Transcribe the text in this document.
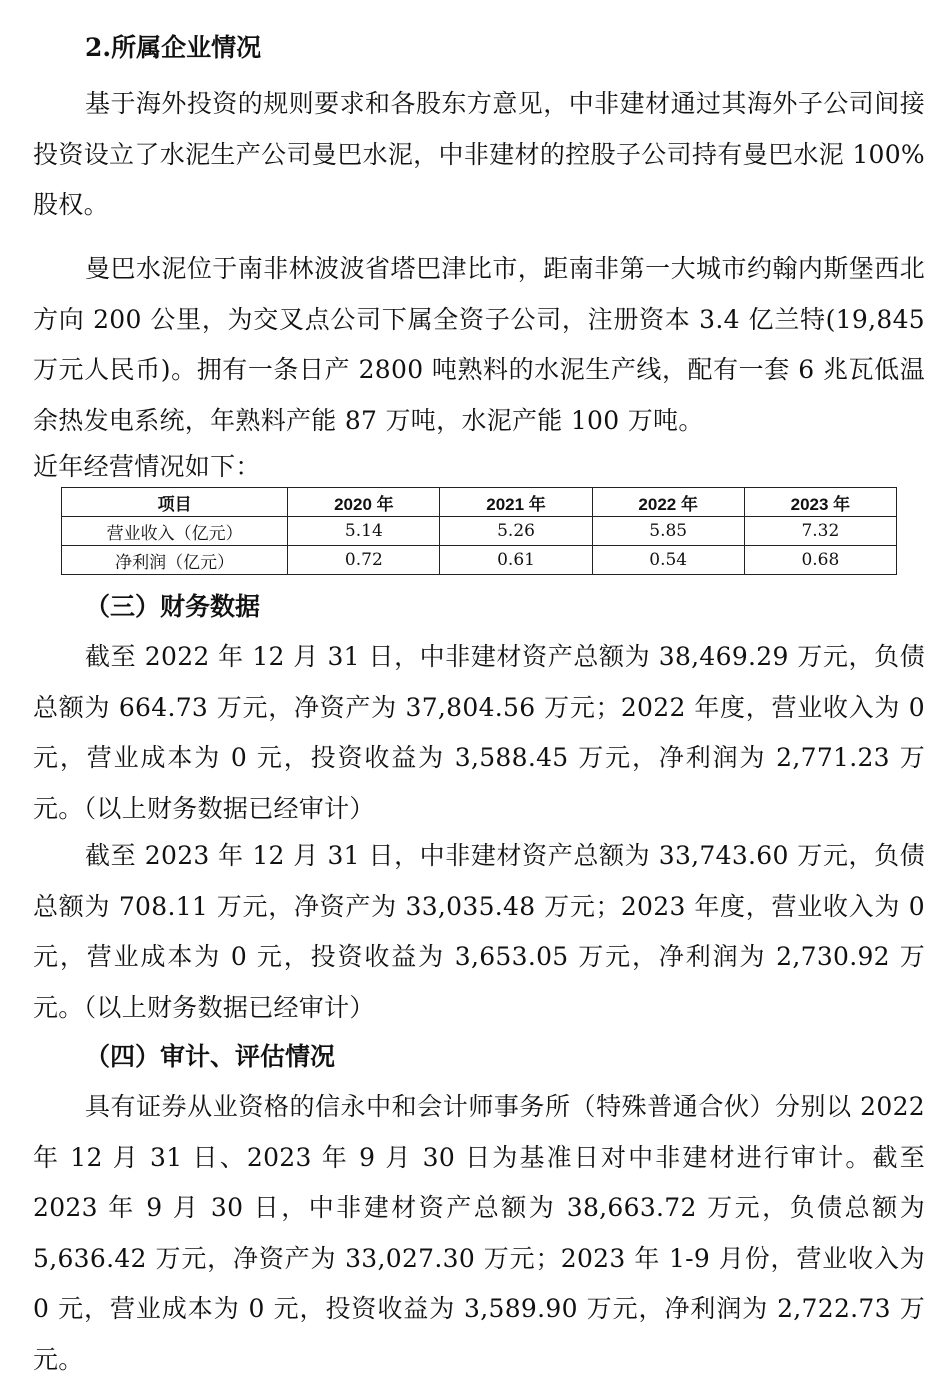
2.所属企业情况

基于海外投资的规则要求和各股东方意见，中非建材通过其海外子公司间接投资设立了水泥生产公司曼巴水泥，中非建材的控股子公司持有曼巴水泥 100%股权。

曼巴水泥位于南非林波波省塔巴津比市，距南非第一大城市约翰内斯堡西北方向 200 公里，为交叉点公司下属全资子公司，注册资本 3.4 亿兰特(19,845 万元人民币)。拥有一条日产 2800 吨熟料的水泥生产线，配有一套 6 兆瓦低温余热发电系统，年熟料产能 87 万吨，水泥产能 100 万吨。

近年经营情况如下：

项目	2020 年	2021 年	2022 年	2023 年
营业收入（亿元）	5.14	5.26	5.85	7.32
净利润（亿元）	0.72	0.61	0.54	0.68
（三）财务数据

截至 2022 年 12 月 31 日，中非建材资产总额为 38,469.29 万元，负债总额为 664.73 万元，净资产为 37,804.56 万元；2022 年度，营业收入为 0 元，营业成本为 0 元，投资收益为 3,588.45 万元，净利润为 2,771.23 万元。（以上财务数据已经审计）

截至 2023 年 12 月 31 日，中非建材资产总额为 33,743.60 万元，负债总额为 708.11 万元，净资产为 33,035.48 万元；2023 年度，营业收入为 0 元，营业成本为 0 元，投资收益为 3,653.05 万元，净利润为 2,730.92 万元。（以上财务数据已经审计）

（四）审计、评估情况

具有证券从业资格的信永中和会计师事务所（特殊普通合伙）分别以 2022 年 12 月 31 日、2023 年 9 月 30 日为基准日对中非建材进行审计。截至 2023 年 9 月 30 日，中非建材资产总额为 38,663.72 万元，负债总额为 5,636.42 万元，净资产为 33,027.30 万元；2023 年 1-9 月份，营业收入为 0 元，营业成本为 0 元，投资收益为 3,589.90 万元，净利润为 2,722.73 万元。
